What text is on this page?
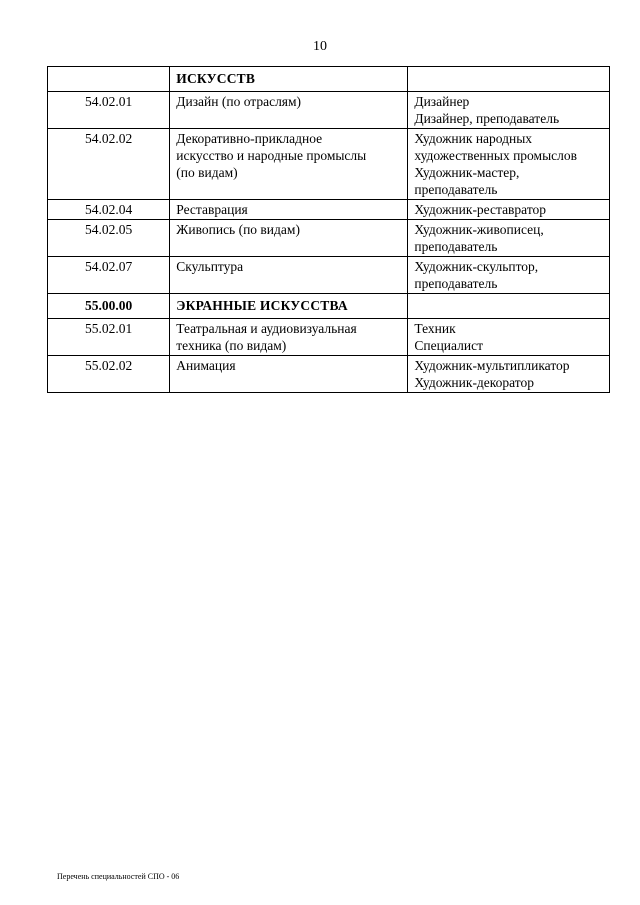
10

	ИСКУССТВ	

54.02.01	Дизайн (по отраслям)	Дизайнер
Дизайнер, преподаватель

54.02.02	Декоративно-прикладное
искусство и народные промыслы
(по видам)	Художник народных
художественных промыслов
Художник-мастер,
преподаватель

54.02.04	Реставрация	Художник-реставратор

54.02.05	Живопись (по видам)	Художник-живописец,
преподаватель

54.02.07	Скульптура	Художник-скульптор,
преподаватель

55.00.00	ЭКРАННЫЕ ИСКУССТВА	

55.02.01	Театральная и аудиовизуальная
техника (по видам)	Техник
Специалист

55.02.02	Анимация	Художник-мультипликатор
Художник-декоратор
Перечень специальностей СПО - 06
